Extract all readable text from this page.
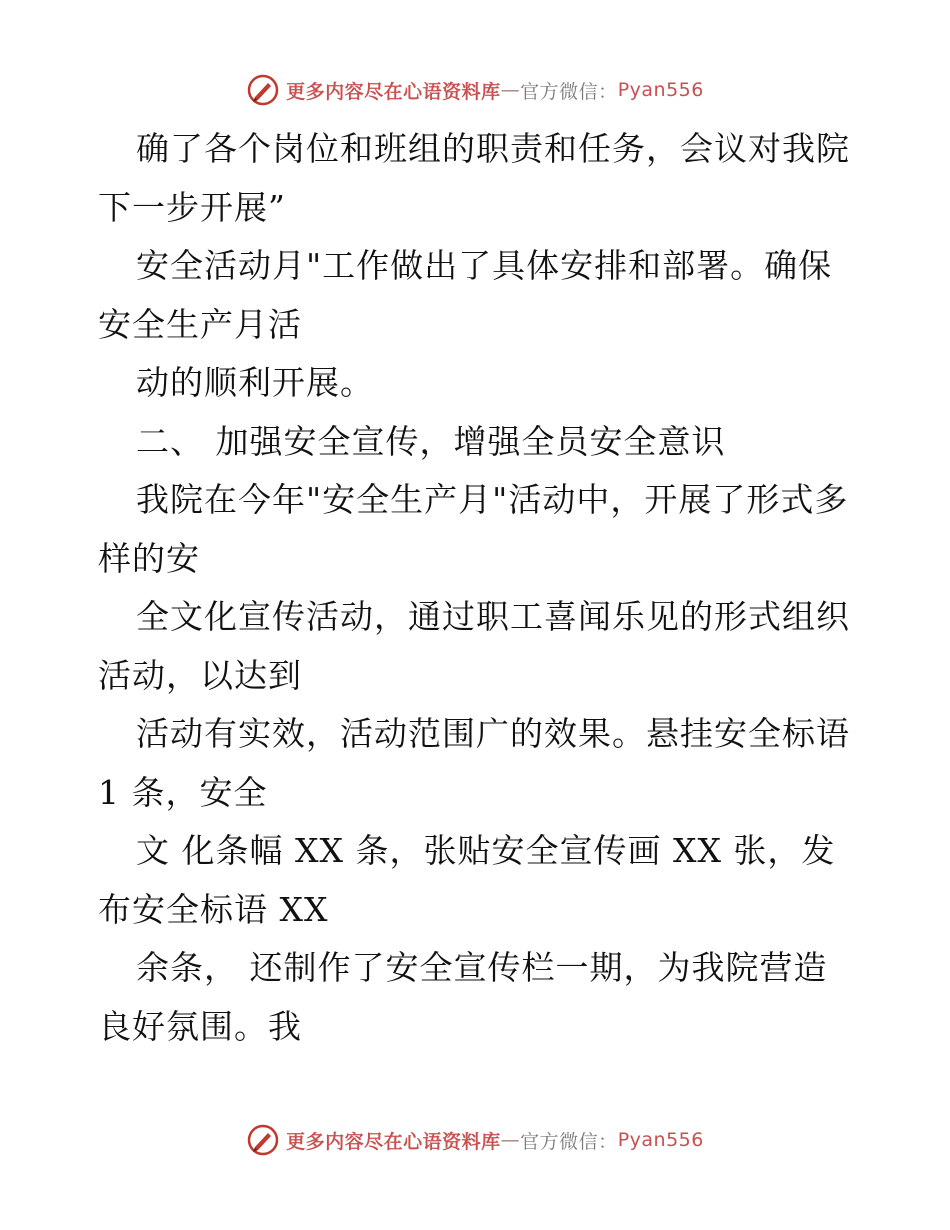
更多内容尽在心语资料库 — 官方微信： Pyan556
确了各个岗位和班组的职责和任务，会议对我院
下一步开展”
安全活动月"工作做出了具体安排和部署。确保
安全生产月活
动的顺利开展。
二、 加强安全宣传，增强全员安全意识
我院在今年"安全生产月"活动中，开展了形式多
样的安
全文化宣传活动，通过职工喜闻乐见的形式组织
活动，以达到
活动有实效，活动范围广的效果。悬挂安全标语
1 条，安全
文 化条幅 XX 条，张贴安全宣传画 XX 张，发
布安全标语 XX
余条， 还制作了安全宣传栏一期，为我院营造
良好氛围。我
更多内容尽在心语资料库 — 官方微信： Pyan556
